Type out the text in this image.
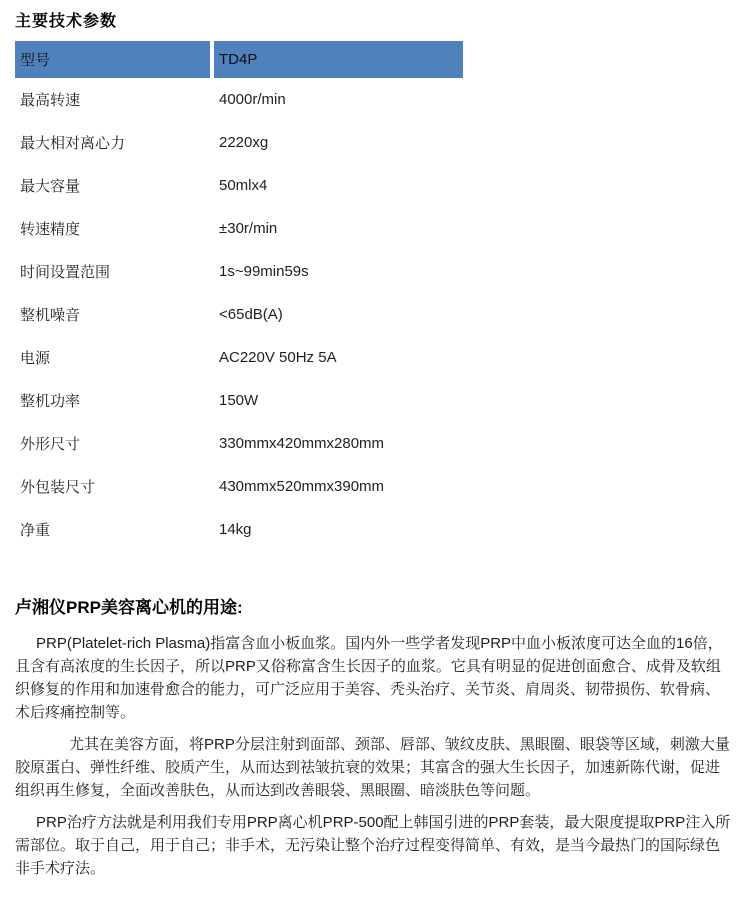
主要技术参数
型号	TD4P
最高转速	4000r/min
最大相对离心力	2220xg
最大容量	50mlx4
转速精度	±30r/min
时间设置范围	1s~99min59s
整机噪音	<65dB(A)
电源	AC220V 50Hz 5A
整机功率	150W
外形尺寸	330mmx420mmx280mm
外包装尺寸	430mmx520mmx390mm
净重	14kg
卢湘仪PRP美容离心机的用途:

PRP(Platelet-rich Plasma)指富含血小板血浆。国内外一些学者发现PRP中血小板浓度可达全血的16倍，且含有高浓度的生长因子，所以PRP又俗称富含生长因子的血浆。它具有明显的促进创面愈合、成骨及软组织修复的作用和加速骨愈合的能力，可广泛应用于美容、秃头治疗、关节炎、肩周炎、韧带损伤、软骨病、术后疼痛控制等。

尤其在美容方面，将PRP分层注射到面部、颈部、唇部、皱纹皮肤、黑眼圈、眼袋等区域，刺激大量胶原蛋白、弹性纤维、胶质产生，从而达到祛皱抗衰的效果；其富含的强大生长因子，加速新陈代谢，促进组织再生修复，全面改善肤色，从而达到改善眼袋、黑眼圈、暗淡肤色等问题。

PRP治疗方法就是利用我们专用PRP离心机PRP-500配上韩国引进的PRP套装，最大限度提取PRP注入所需部位。取于自己，用于自己；非手术，无污染让整个治疗过程变得简单、有效，是当今最热门的国际绿色非手术疗法。
